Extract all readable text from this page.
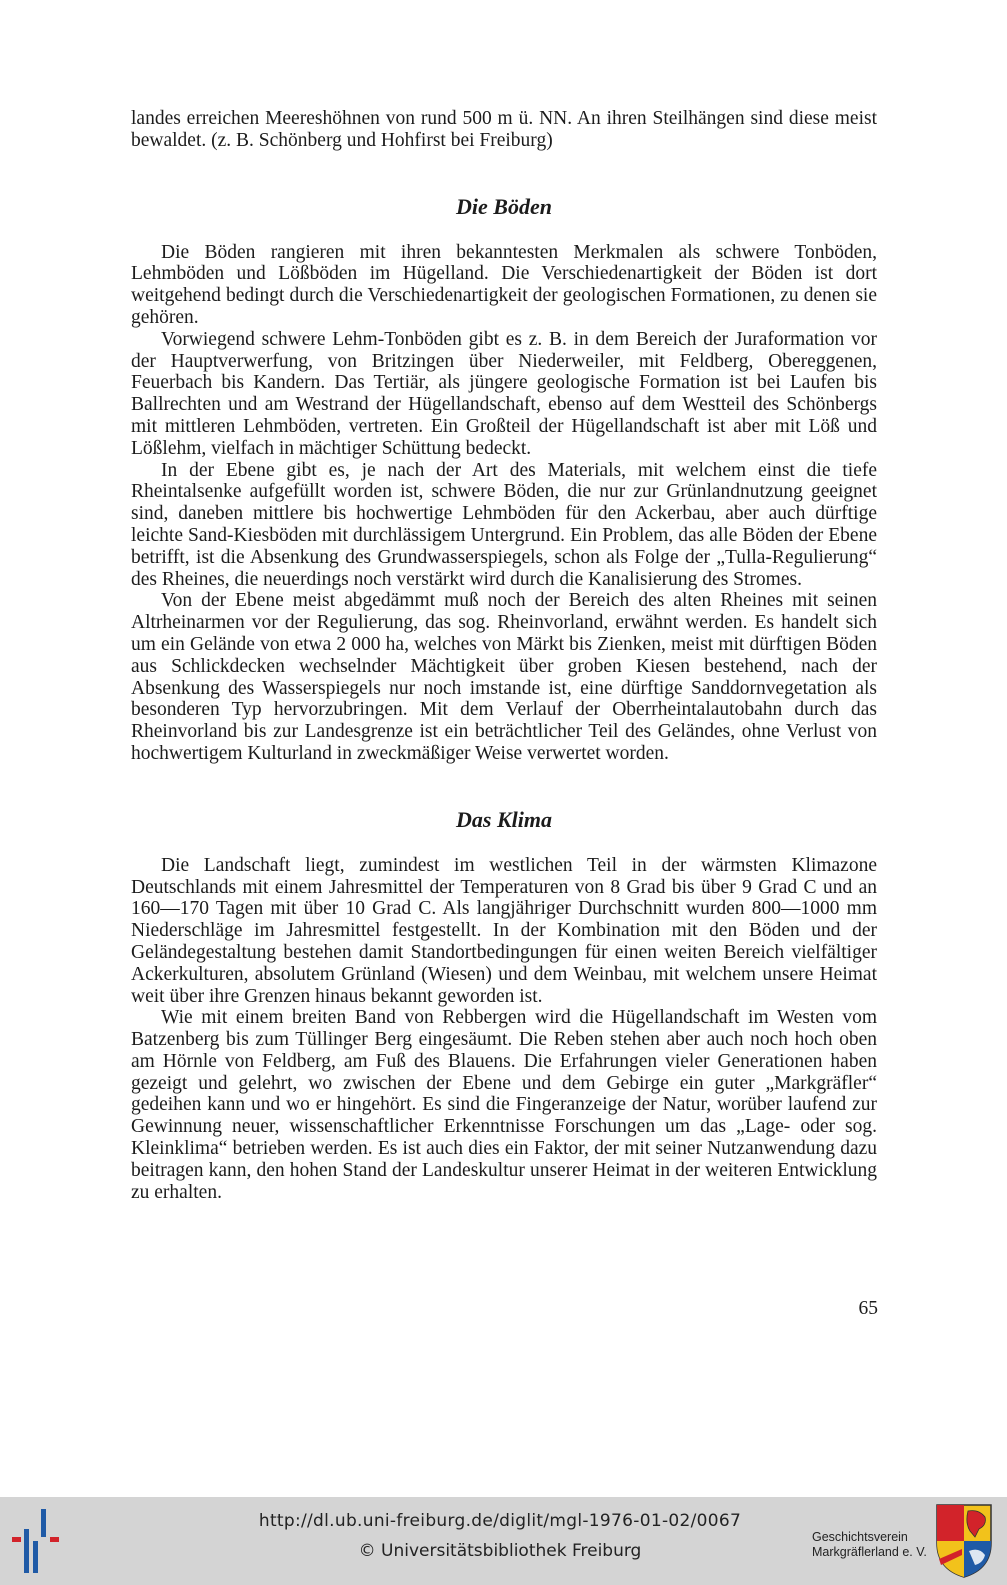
landes erreichen Meereshöhnen von rund 500 m ü. NN. An ihren Steilhängen sind diese meist bewaldet. (z. B. Schönberg und Hohfirst bei Freiburg)

Die Böden

Die Böden rangieren mit ihren bekanntesten Merkmalen als schwere Tonböden, Lehmböden und Lößböden im Hügelland. Die Verschiedenartigkeit der Böden ist dort weitgehend bedingt durch die Verschiedenartigkeit der geologischen Formationen, zu denen sie gehören.

Vorwiegend schwere Lehm-Tonböden gibt es z. B. in dem Bereich der Juraformation vor der Hauptverwerfung, von Britzingen über Niederweiler, mit Feldberg, Obereggenen, Feuerbach bis Kandern. Das Tertiär, als jüngere geologische Formation ist bei Laufen bis Ballrechten und am Westrand der Hügellandschaft, ebenso auf dem Westteil des Schönbergs mit mittleren Lehmböden, vertreten. Ein Großteil der Hügellandschaft ist aber mit Löß und Lößlehm, vielfach in mächtiger Schüttung bedeckt.

In der Ebene gibt es, je nach der Art des Materials, mit welchem einst die tiefe Rheintalsenke aufgefüllt worden ist, schwere Böden, die nur zur Grünlandnutzung geeignet sind, daneben mittlere bis hochwertige Lehmböden für den Ackerbau, aber auch dürftige leichte Sand-Kiesböden mit durchlässigem Untergrund. Ein Problem, das alle Böden der Ebene betrifft, ist die Absenkung des Grundwasserspiegels, schon als Folge der „Tulla-Regulierung“ des Rheines, die neuerdings noch verstärkt wird durch die Kanalisierung des Stromes.

Von der Ebene meist abgedämmt muß noch der Bereich des alten Rheines mit seinen Altrheinarmen vor der Regulierung, das sog. Rheinvorland, erwähnt werden. Es handelt sich um ein Gelände von etwa 2 000 ha, welches von Märkt bis Zienken, meist mit dürftigen Böden aus Schlickdecken wechselnder Mächtigkeit über groben Kiesen bestehend, nach der Absenkung des Wasserspiegels nur noch imstande ist, eine dürftige Sanddornvegetation als besonderen Typ hervorzubringen. Mit dem Verlauf der Oberrheintalautobahn durch das Rheinvorland bis zur Landesgrenze ist ein beträchtlicher Teil des Geländes, ohne Verlust von hochwertigem Kulturland in zweckmäßiger Weise verwertet worden.

Das Klima

Die Landschaft liegt, zumindest im westlichen Teil in der wärmsten Klimazone Deutschlands mit einem Jahresmittel der Temperaturen von 8 Grad bis über 9 Grad C und an 160—170 Tagen mit über 10 Grad C. Als langjähriger Durchschnitt wurden 800—1000 mm Niederschläge im Jahresmittel festgestellt. In der Kombination mit den Böden und der Geländegestaltung bestehen damit Standortbedingungen für einen weiten Bereich vielfältiger Ackerkulturen, absolutem Grünland (Wiesen) und dem Weinbau, mit welchem unsere Heimat weit über ihre Grenzen hinaus bekannt geworden ist.

Wie mit einem breiten Band von Rebbergen wird die Hügellandschaft im Westen vom Batzenberg bis zum Tüllinger Berg eingesäumt. Die Reben stehen aber auch noch hoch oben am Hörnle von Feldberg, am Fuß des Blauens. Die Erfahrungen vieler Generationen haben gezeigt und gelehrt, wo zwischen der Ebene und dem Gebirge ein guter „Markgräfler“ gedeihen kann und wo er hingehört. Es sind die Fingeranzeige der Natur, worüber laufend zur Gewinnung neuer, wissenschaftlicher Erkenntnisse Forschungen um das „Lage- oder sog. Kleinklima“ betrieben werden. Es ist auch dies ein Faktor, der mit seiner Nutzanwendung dazu beitragen kann, den hohen Stand der Landeskultur unserer Heimat in der weiteren Entwicklung zu erhalten.

65
http://dl.ub.uni-freiburg.de/diglit/mgl-1976-01-02/0067
© Universitätsbibliothek Freiburg
Geschichtsverein
Markgräflerland e. V.
